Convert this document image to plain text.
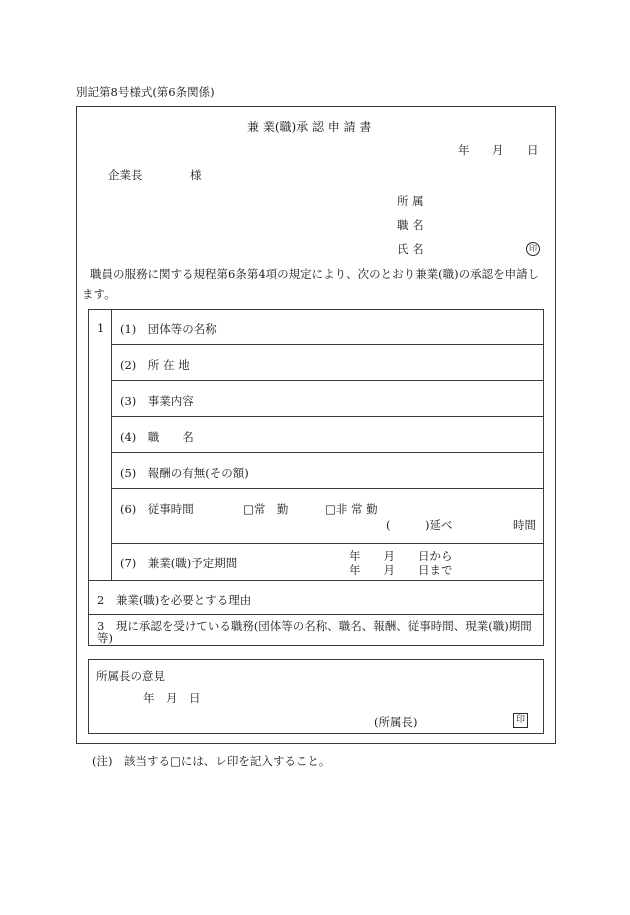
別記第8号様式(第6条関係)
兼 業(職)承 認 申 請 書
年 月 日
企業長	様
所 属
職 名
氏 名	印
職員の服務に関する規程第6条第4項の規定により、次のとおり兼業(職)の承認を申請し
ます。
1 (1)　団体等の名称
(2)　所 在 地
(3)　事業内容
(4)　職　　名
(5)　報酬の有無(その額)
(6)　従事時間	□常　勤	□非 常 勤
(　　　)延べ	時間
(7)　兼業(職)予定期間	年　　月　　日から
年　　月　　日まで
2　兼業(職)を必要とする理由
3　現に承認を受けている職務(団体等の名称、職名、報酬、従事時間、現業(職)期間等)
所属長の意見
年　月　日
(所属長)	印
(注)　該当する□には、レ印を記入すること。
